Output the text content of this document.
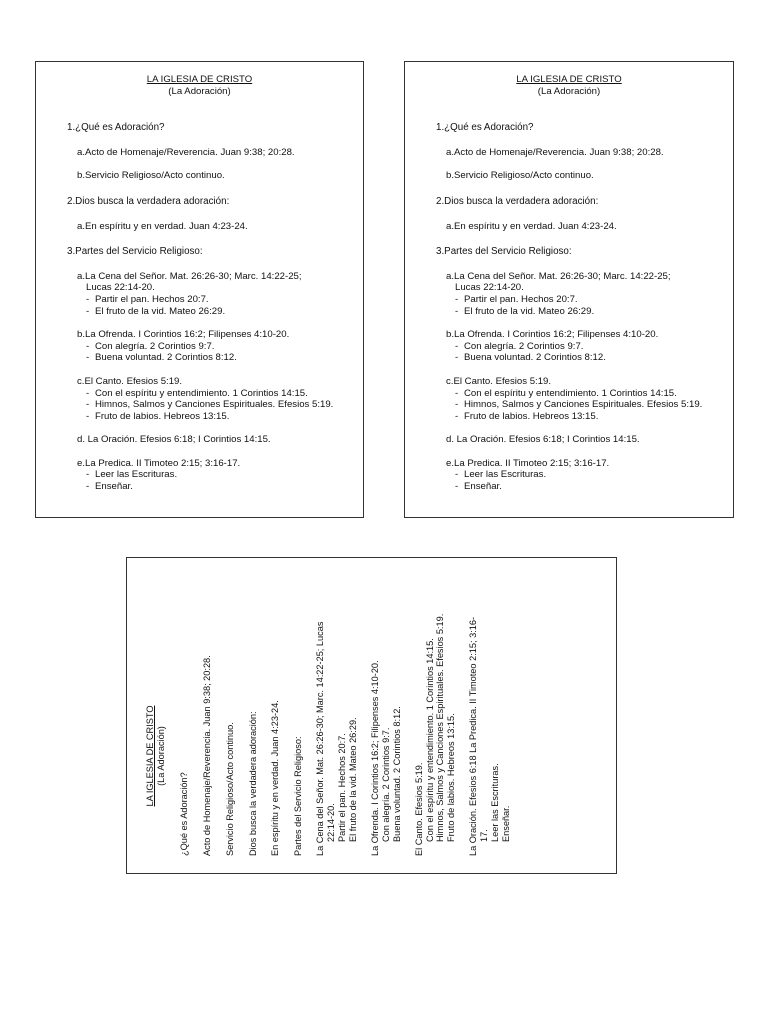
LA IGLESIA DE CRISTO
(La Adoración)
1.¿Qué es Adoración?
a.Acto de Homenaje/Reverencia. Juan 9:38; 20:28.
b.Servicio Religioso/Acto continuo.
2.Dios busca la verdadera adoración:
a.En espíritu y en verdad. Juan 4:23-24.
3.Partes del Servicio Religioso:
a.La Cena del Señor. Mat. 26:26-30; Marc. 14:22-25;
Lucas 22:14-20.
- Partir el pan. Hechos 20:7.
- El fruto de la vid. Mateo 26:29.
b.La Ofrenda. I Corintios 16:2; Filipenses 4:10-20.
- Con alegría. 2 Corintios 9:7.
- Buena voluntad. 2 Corintios 8:12.
c.El Canto. Efesios 5:19.
- Con el espíritu y entendimiento. 1 Corintios 14:15.
- Himnos, Salmos y Canciones Espirituales. Efesios 5:19.
- Fruto de labios. Hebreos 13:15.
d. La Oración. Efesios 6:18; I Corintios 14:15.
e.La Predica. II Timoteo 2:15; 3:16-17.
- Leer las Escrituras.
- Enseñar.
LA IGLESIA DE CRISTO
(La Adoración)
1.¿Qué es Adoración?
a.Acto de Homenaje/Reverencia. Juan 9:38; 20:28.
b.Servicio Religioso/Acto continuo.
2.Dios busca la verdadera adoración:
a.En espíritu y en verdad. Juan 4:23-24.
3.Partes del Servicio Religioso:
a.La Cena del Señor. Mat. 26:26-30; Marc. 14:22-25;
Lucas 22:14-20.
- Partir el pan. Hechos 20:7.
- El fruto de la vid. Mateo 26:29.
b.La Ofrenda. I Corintios 16:2; Filipenses 4:10-20.
- Con alegría. 2 Corintios 9:7.
- Buena voluntad. 2 Corintios 8:12.
c.El Canto. Efesios 5:19.
- Con el espíritu y entendimiento. 1 Corintios 14:15.
- Himnos, Salmos y Canciones Espirituales. Efesios 5:19.
- Fruto de labios. Hebreos 13:15.
d. La Oración. Efesios 6:18; I Corintios 14:15.
e.La Predica. II Timoteo 2:15; 3:16-17.
- Leer las Escrituras.
- Enseñar.
LA IGLESIA DE CRISTO (La Adoración)
¿Qué es Adoración? Acto de Homenaje/Reverencia. Juan 9:38; 20:28. Servicio Religioso/Acto continuo. Dios busca la verdadera adoración: En espíritu y en verdad. Juan 4:23-24. Partes del Servicio Religioso: La Cena del Señor. Mat. 26:26-30; Marc. 14:22-25; Lucas 22:14-20. Partir el pan. Hechos 20:7. El fruto de la vid. Mateo 26:29. La Ofrenda. I Corintios 16:2; Filipenses 4:10-20. Con alegría. 2 Corintios 9:7. Buena voluntad. 2 Corintios 8:12. El Canto. Efesios 5:19. Con el espíritu y entendimiento. 1 Corintios 14:15. Himnos, Salmos y Canciones Espirituales. Efesios 5:19. Fruto de labios. Hebreos 13:15. La Oración. Efesios 6:18 La Predica. II Timoteo 2:15; 3:16- 17. Leer las Escrituras. Enseñar.
